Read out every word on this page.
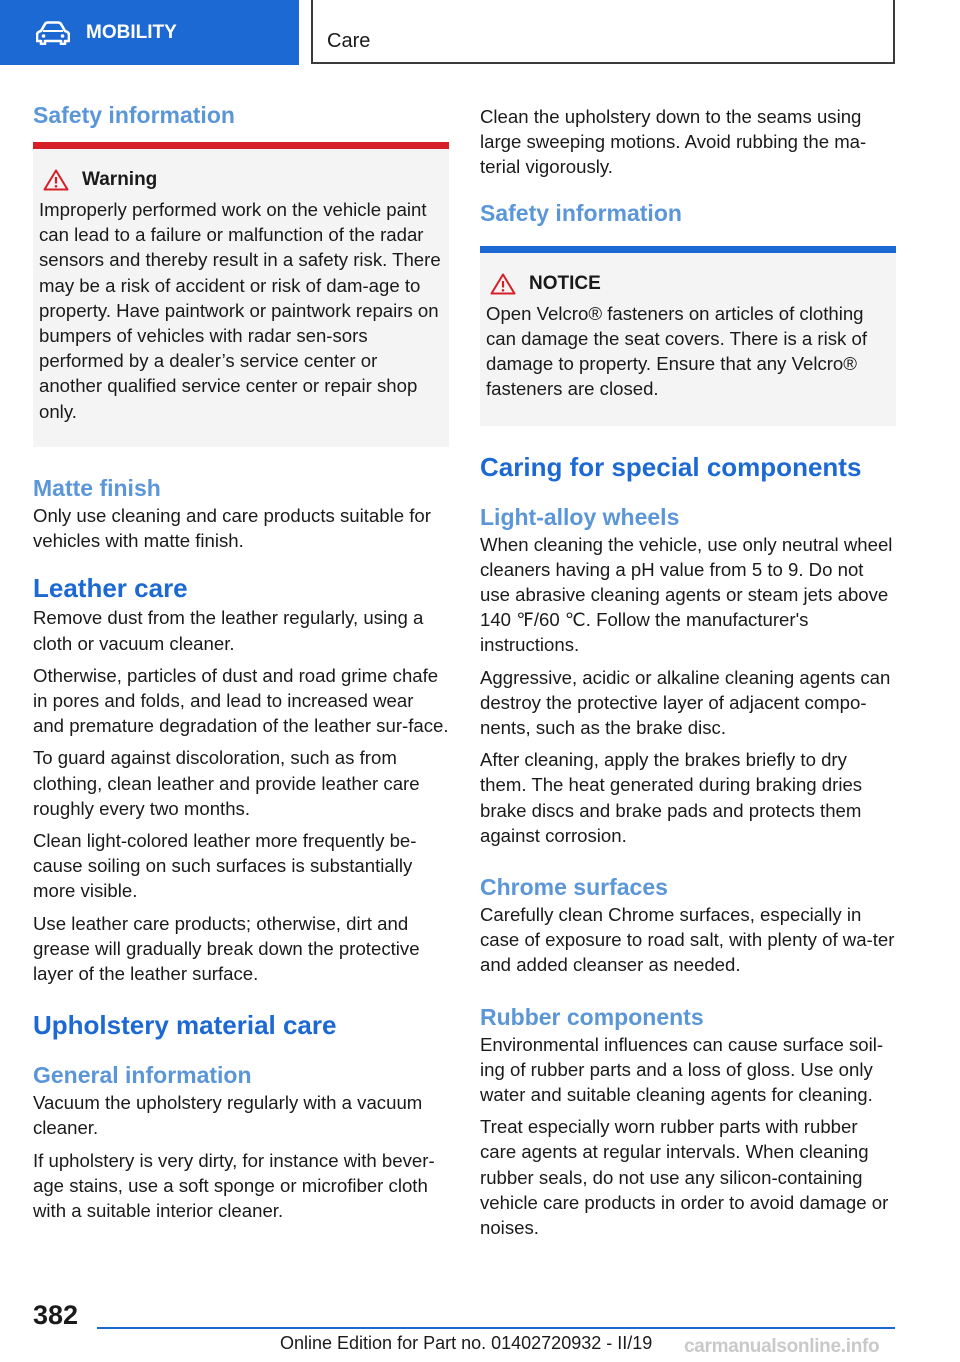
MOBILITY	Care
Safety information
Warning

Improperly performed work on the vehicle paint can lead to a failure or malfunction of the radar sensors and thereby result in a safety risk. There may be a risk of accident or risk of dam‐age to property. Have paintwork or paintwork repairs on bumpers of vehicles with radar sen‐sors performed by a dealer’s service center or another qualified service center or repair shop only.

Matte finish

Only use cleaning and care products suitable for vehicles with matte finish.

Leather care

Remove dust from the leather regularly, using a cloth or vacuum cleaner.

Otherwise, particles of dust and road grime chafe in pores and folds, and lead to increased wear and premature degradation of the leather sur‐face.

To guard against discoloration, such as from clothing, clean leather and provide leather care roughly every two months.

Clean light-colored leather more frequently be‐cause soiling on such surfaces is substantially more visible.

Use leather care products; otherwise, dirt and grease will gradually break down the protective layer of the leather surface.

Upholstery material care
General information

Vacuum the upholstery regularly with a vacuum cleaner.

If upholstery is very dirty, for instance with bever‐age stains, use a soft sponge or microfiber cloth with a suitable interior cleaner.

Clean the upholstery down to the seams using large sweeping motions. Avoid rubbing the ma‐terial vigorously.

Safety information
NOTICE

Open Velcro® fasteners on articles of clothing can damage the seat covers. There is a risk of damage to property. Ensure that any Velcro® fasteners are closed.

Caring for special components
Light-alloy wheels

When cleaning the vehicle, use only neutral wheel cleaners having a pH value from 5 to 9. Do not use abrasive cleaning agents or steam jets above 140 ℉/60 ℃. Follow the manufacturer's instructions.

Aggressive, acidic or alkaline cleaning agents can destroy the protective layer of adjacent compo‐nents, such as the brake disc.

After cleaning, apply the brakes briefly to dry them. The heat generated during braking dries brake discs and brake pads and protects them against corrosion.

Chrome surfaces

Carefully clean Chrome surfaces, especially in case of exposure to road salt, with plenty of wa‐ter and added cleanser as needed.

Rubber components

Environmental influences can cause surface soil‐ing of rubber parts and a loss of gloss. Use only water and suitable cleaning agents for cleaning.

Treat especially worn rubber parts with rubber care agents at regular intervals. When cleaning rubber seals, do not use any silicon-containing vehicle care products in order to avoid damage or noises.

382
Online Edition for Part no. 01402720932 - II/19 carmanualsonline.info
